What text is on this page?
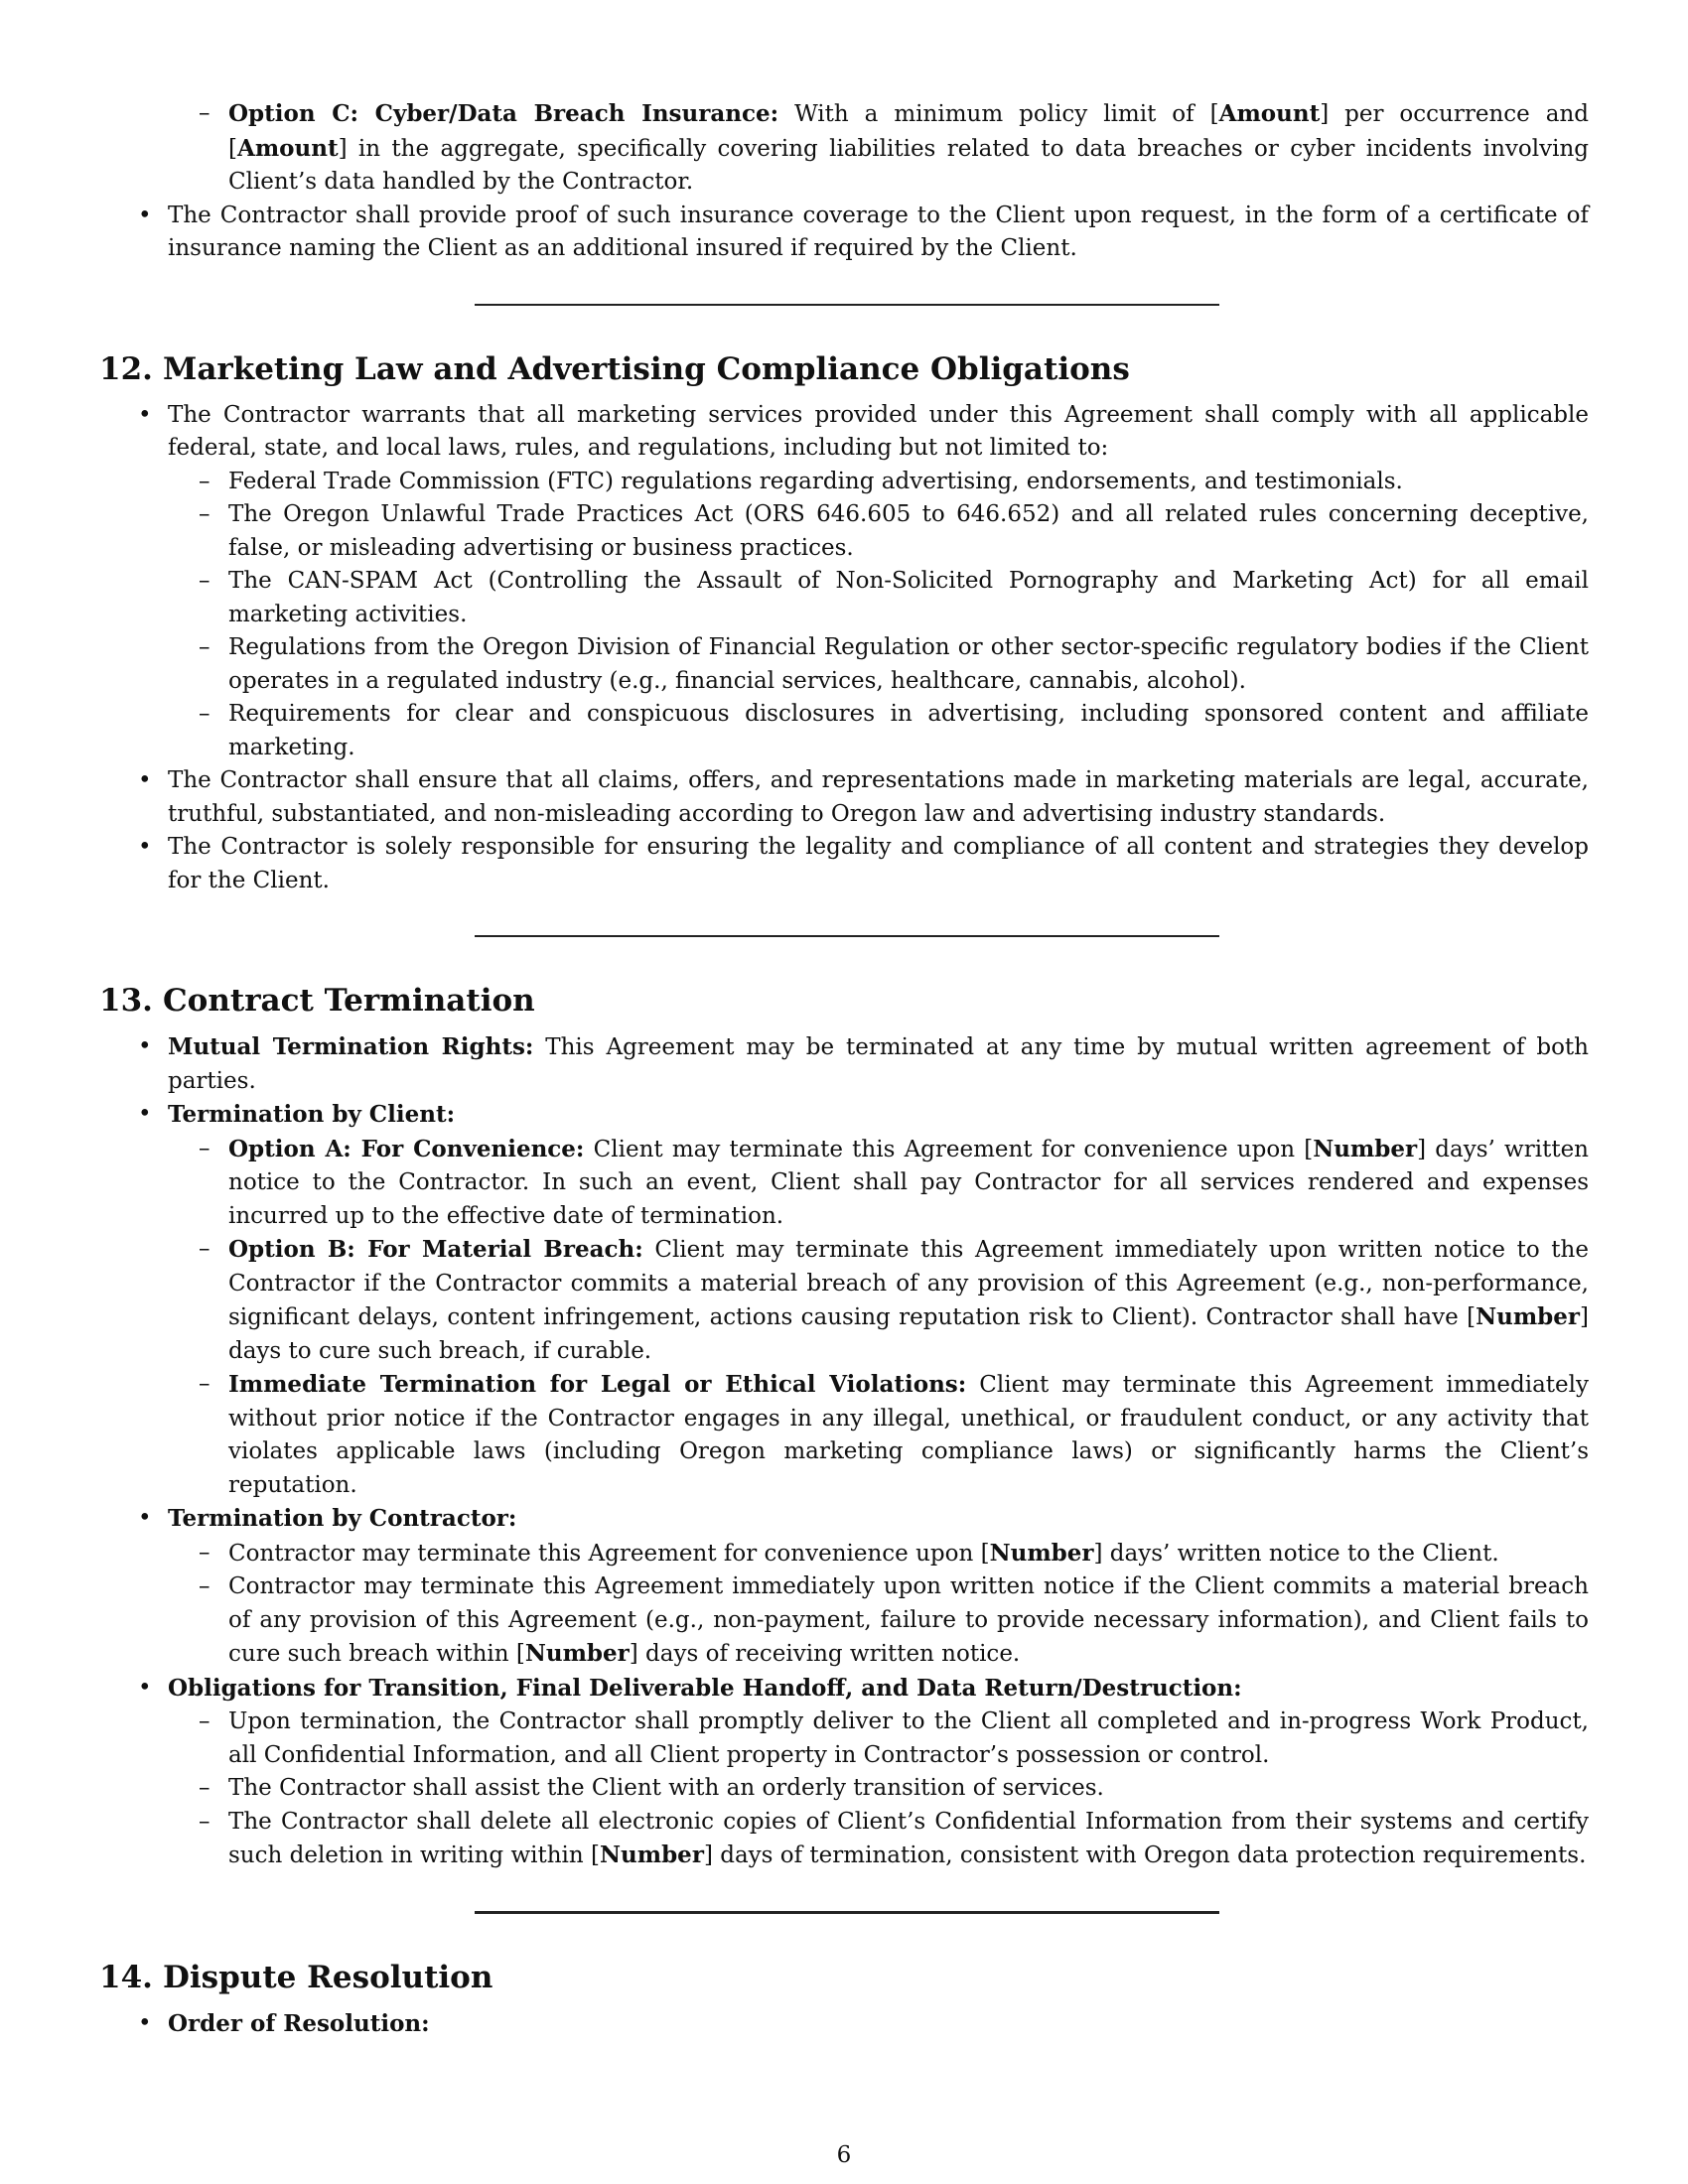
– Option C: Cyber/Data Breach Insurance: With a minimum policy limit of [Amount] per occurrence and [Amount] in the aggregate, specifically covering liabilities related to data breaches or cyber incidents involving Client’s data handled by the Contractor.
• The Contractor shall provide proof of such insurance coverage to the Client upon request, in the form of a certificate of insurance naming the Client as an additional insured if required by the Client.
12. Marketing Law and Advertising Compliance Obligations
• The Contractor warrants that all marketing services provided under this Agreement shall comply with all applicable federal, state, and local laws, rules, and regulations, including but not limited to:
– Federal Trade Commission (FTC) regulations regarding advertising, endorsements, and testimonials.
– The Oregon Unlawful Trade Practices Act (ORS 646.605 to 646.652) and all related rules concerning deceptive, false, or misleading advertising or business practices.
– The CAN-SPAM Act (Controlling the Assault of Non-Solicited Pornography and Marketing Act) for all email marketing activities.
– Regulations from the Oregon Division of Financial Regulation or other sector-specific regulatory bodies if the Client operates in a regulated industry (e.g., financial services, healthcare, cannabis, alcohol).
– Requirements for clear and conspicuous disclosures in advertising, including sponsored content and affiliate marketing.
• The Contractor shall ensure that all claims, offers, and representations made in marketing materials are legal, accurate, truthful, substantiated, and non-misleading according to Oregon law and advertising industry standards.
• The Contractor is solely responsible for ensuring the legality and compliance of all content and strategies they develop for the Client.
13. Contract Termination
• Mutual Termination Rights: This Agreement may be terminated at any time by mutual written agreement of both parties.
• Termination by Client:
– Option A: For Convenience: Client may terminate this Agreement for convenience upon [Number] days’ written notice to the Contractor. In such an event, Client shall pay Contractor for all services rendered and expenses incurred up to the effective date of termination.
– Option B: For Material Breach: Client may terminate this Agreement immediately upon written notice to the Contractor if the Contractor commits a material breach of any provision of this Agreement (e.g., non-performance, significant delays, content infringement, actions causing reputation risk to Client). Contractor shall have [Number] days to cure such breach, if curable.
– Immediate Termination for Legal or Ethical Violations: Client may terminate this Agreement immediately without prior notice if the Contractor engages in any illegal, unethical, or fraudulent conduct, or any activity that violates applicable laws (including Oregon marketing compliance laws) or significantly harms the Client’s reputation.
• Termination by Contractor:
– Contractor may terminate this Agreement for convenience upon [Number] days’ written notice to the Client.
– Contractor may terminate this Agreement immediately upon written notice if the Client commits a material breach of any provision of this Agreement (e.g., non-payment, failure to provide necessary information), and Client fails to cure such breach within [Number] days of receiving written notice.
• Obligations for Transition, Final Deliverable Handoff, and Data Return/Destruction:
– Upon termination, the Contractor shall promptly deliver to the Client all completed and in-progress Work Product, all Confidential Information, and all Client property in Contractor’s possession or control.
– The Contractor shall assist the Client with an orderly transition of services.
– The Contractor shall delete all electronic copies of Client’s Confidential Information from their systems and certify such deletion in writing within [Number] days of termination, consistent with Oregon data protection requirements.
14. Dispute Resolution
• Order of Resolution:
6
